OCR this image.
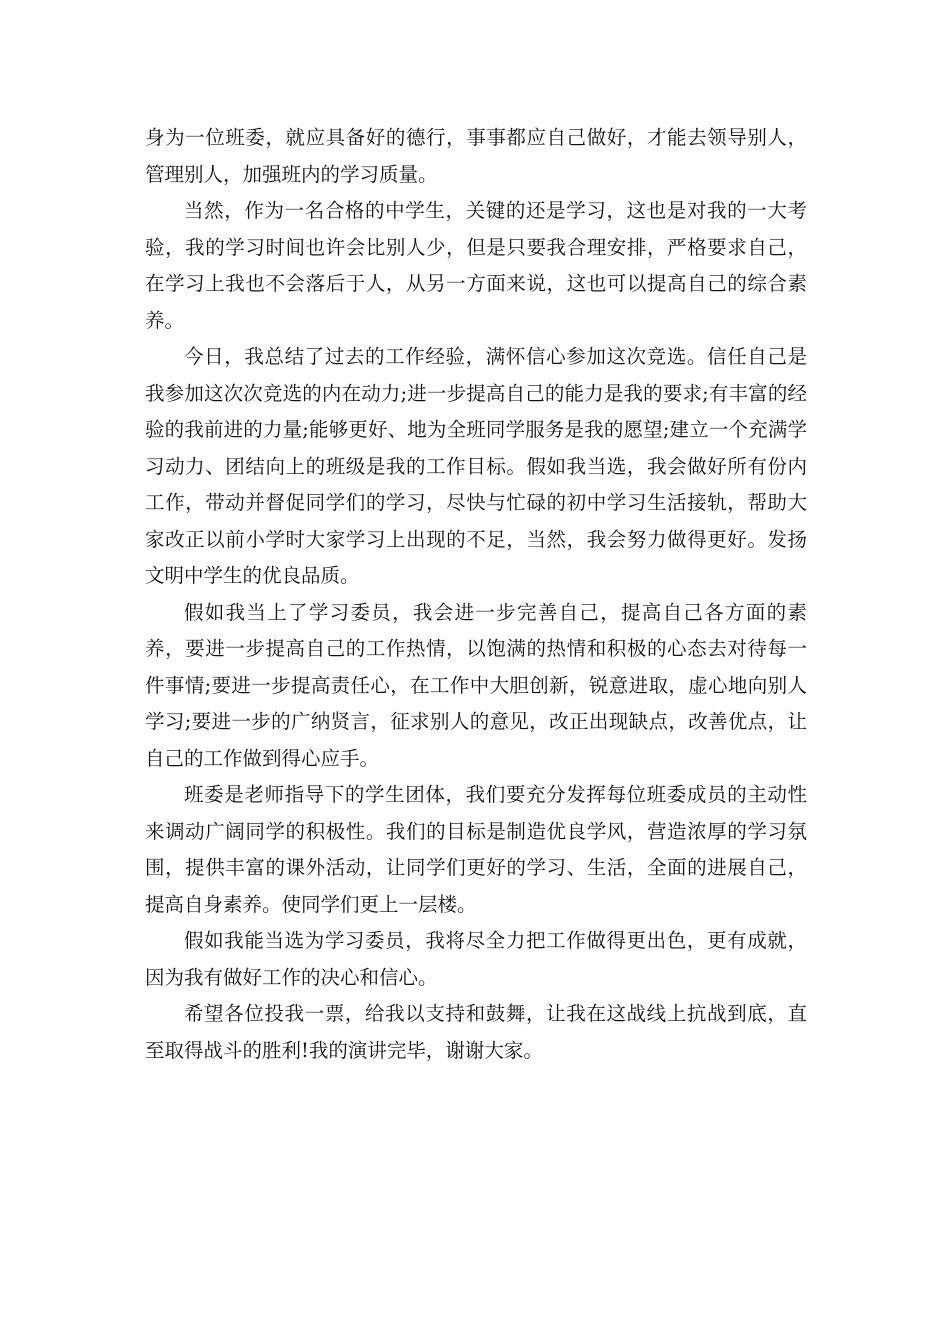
身为一位班委，就应具备好的德行，事事都应自己做好，才能去领导别人，管理别人，加强班内的学习质量。

当然，作为一名合格的中学生，关键的还是学习，这也是对我的一大考验，我的学习时间也许会比别人少，但是只要我合理安排，严格要求自己，在学习上我也不会落后于人，从另一方面来说，这也可以提高自己的综合素养。

今日，我总结了过去的工作经验，满怀信心参加这次竞选。信任自己是我参加这次次竞选的内在动力;进一步提高自己的能力是我的要求;有丰富的经验的我前进的力量;能够更好、地为全班同学服务是我的愿望;建立一个充满学习动力、团结向上的班级是我的工作目标。假如我当选，我会做好所有份内工作，带动并督促同学们的学习，尽快与忙碌的初中学习生活接轨，帮助大家改正以前小学时大家学习上出现的不足，当然，我会努力做得更好。发扬文明中学生的优良品质。

假如我当上了学习委员，我会进一步完善自己，提高自己各方面的素养，要进一步提高自己的工作热情，以饱满的热情和积极的心态去对待每一件事情;要进一步提高责任心，在工作中大胆创新，锐意进取，虚心地向别人学习;要进一步的广纳贤言，征求别人的意见，改正出现缺点，改善优点，让自己的工作做到得心应手。

班委是老师指导下的学生团体，我们要充分发挥每位班委成员的主动性来调动广阔同学的积极性。我们的目标是制造优良学风，营造浓厚的学习氛围，提供丰富的课外活动，让同学们更好的学习、生活，全面的进展自己，提高自身素养。使同学们更上一层楼。

假如我能当选为学习委员，我将尽全力把工作做得更出色，更有成就，因为我有做好工作的决心和信心。

希望各位投我一票，给我以支持和鼓舞，让我在这战线上抗战到底，直至取得战斗的胜利!我的演讲完毕，谢谢大家。
